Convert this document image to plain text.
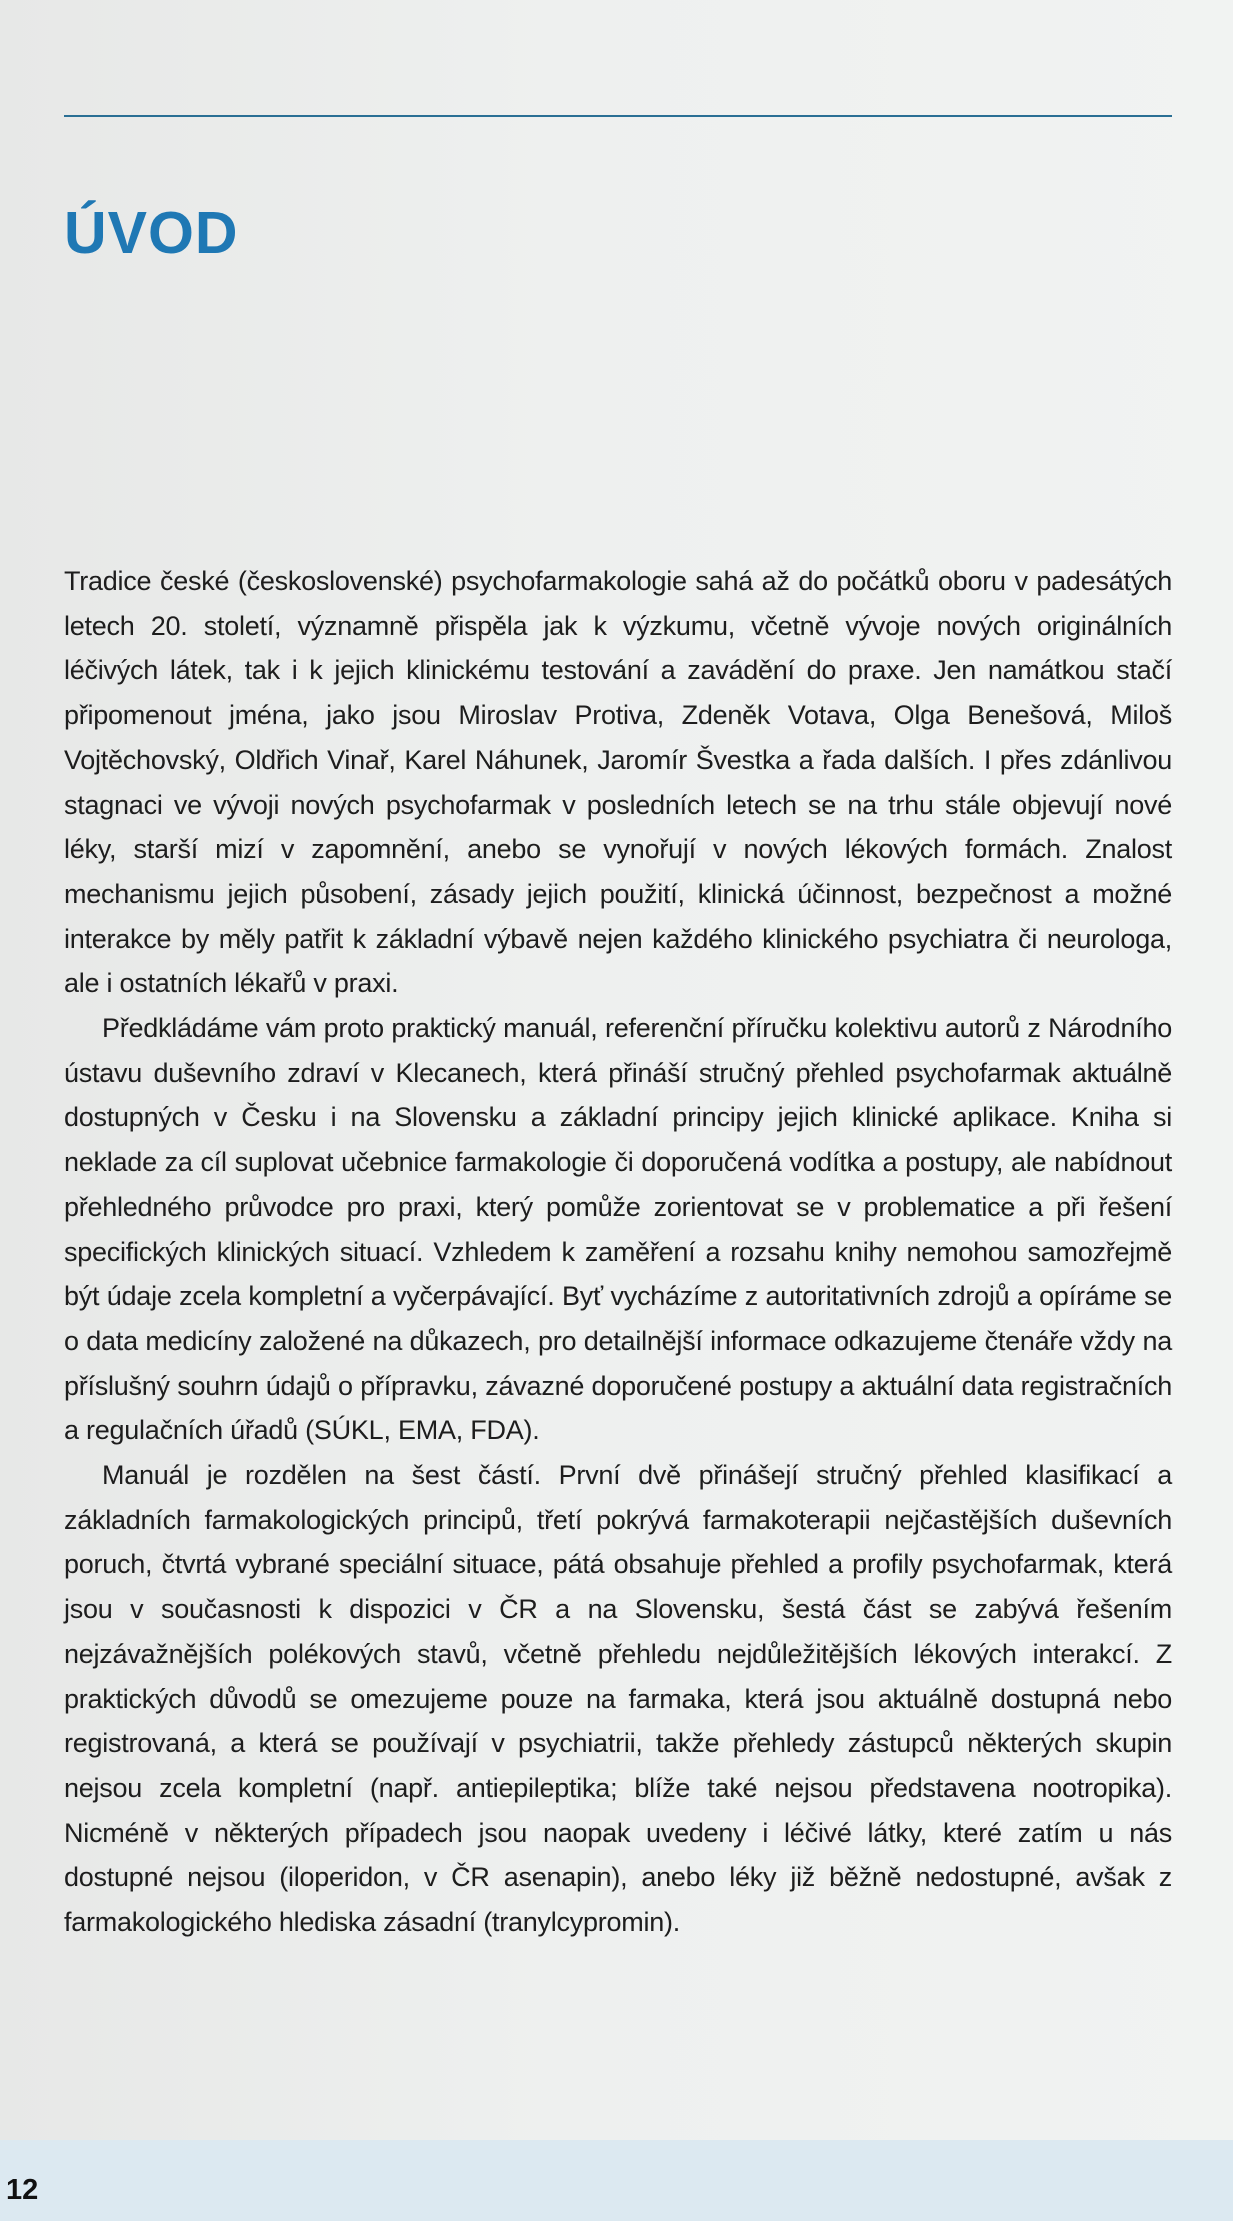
ÚVOD

Tradice české (československé) psychofarmakologie sahá až do počátků oboru v padesátých letech 20. století, významně přispěla jak k výzkumu, včetně vývoje nových originálních léčivých látek, tak i k jejich klinickému testování a zavádění do praxe. Jen namátkou stačí připomenout jména, jako jsou Miroslav Protiva, Zdeněk Votava, Olga Benešová, Miloš Vojtěchovský, Oldřich Vinař, Karel Náhunek, Jaromír Švestka a řada dalších. I přes zdánlivou stagnaci ve vývoji nových psychofarmak v posledních letech se na trhu stále objevují nové léky, starší mizí v zapomnění, anebo se vynořují v nových lékových formách. Znalost mechanismu jejich působení, zásady jejich použití, klinická účinnost, bezpečnost a možné interakce by měly patřit k základní výbavě nejen každého klinického psychiatra či neurologa, ale i ostatních lékařů v praxi.

Předkládáme vám proto praktický manuál, referenční příručku kolektivu autorů z Národního ústavu duševního zdraví v Klecanech, která přináší stručný přehled psychofarmak aktuálně dostupných v Česku i na Slovensku a základní principy jejich klinické aplikace. Kniha si neklade za cíl suplovat učebnice farmakologie či doporučená vodítka a postupy, ale nabídnout přehledného průvodce pro praxi, který pomůže zorientovat se v problematice a při řešení specifických klinických situací. Vzhledem k zaměření a rozsahu knihy nemohou samozřejmě být údaje zcela kompletní a vyčerpávající. Byť vycházíme z autoritativních zdrojů a opíráme se o data medicíny založené na důkazech, pro detailnější informace odkazujeme čtenáře vždy na příslušný souhrn údajů o přípravku, závazné doporučené postupy a aktuální data registračních a regulačních úřadů (SÚKL, EMA, FDA).

Manuál je rozdělen na šest částí. První dvě přinášejí stručný přehled klasifikací a základních farmakologických principů, třetí pokrývá farmakoterapii nejčastějších duševních poruch, čtvrtá vybrané speciální situace, pátá obsahuje přehled a profily psychofarmak, která jsou v současnosti k dispozici v ČR a na Slovensku, šestá část se zabývá řešením nejzávažnějších polékových stavů, včetně přehledu nejdůležitějších lékových interakcí. Z praktických důvodů se omezujeme pouze na farmaka, která jsou aktuálně dostupná nebo registrovaná, a která se používají v psychiatrii, takže přehledy zástupců některých skupin nejsou zcela kompletní (např. antiepileptika; blíže také nejsou představena nootropika). Nicméně v některých případech jsou naopak uvedeny i léčivé látky, které zatím u nás dostupné nejsou (iloperidon, v ČR asenapin), anebo léky již běžně nedostupné, avšak z farmakologického hlediska zásadní (tranylcypromin).

12
